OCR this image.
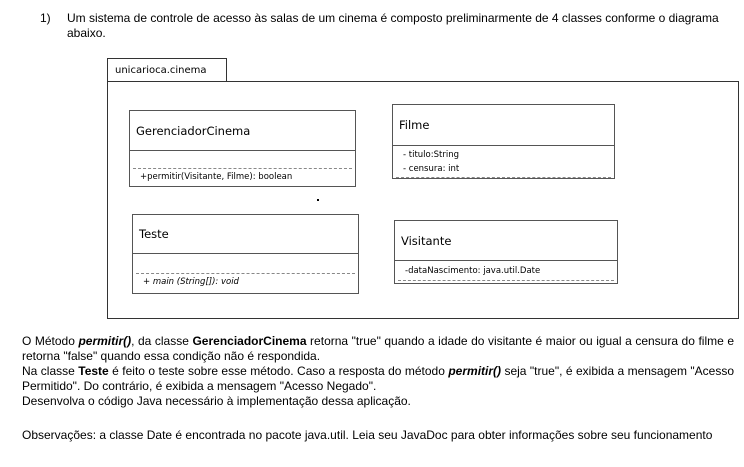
1) Um sistema de controle de acesso às salas de um cinema é composto preliminarmente de 4 classes conforme o diagrama abaixo.
unicarioca.cinema
GerenciadorCinema
+permitir(Visitante, Filme): boolean
Filme
- titulo:String
- censura: int
Teste
+ main (String[]): void
Visitante
-dataNascimento: java.util.Date
O Método permitir(), da classe GerenciadorCinema retorna "true" quando a idade do visitante é maior ou igual a censura do filme e retorna "false" quando essa condição não é respondida.
Na classe Teste é feito o teste sobre esse método. Caso a resposta do método permitir() seja "true", é exibida a mensagem "Acesso Permitido". Do contrário, é exibida a mensagem "Acesso Negado".
Desenvolva o código Java necessário à implementação dessa aplicação.
Observações: a classe Date é encontrada no pacote java.util. Leia seu JavaDoc para obter informações sobre seu funcionamento
